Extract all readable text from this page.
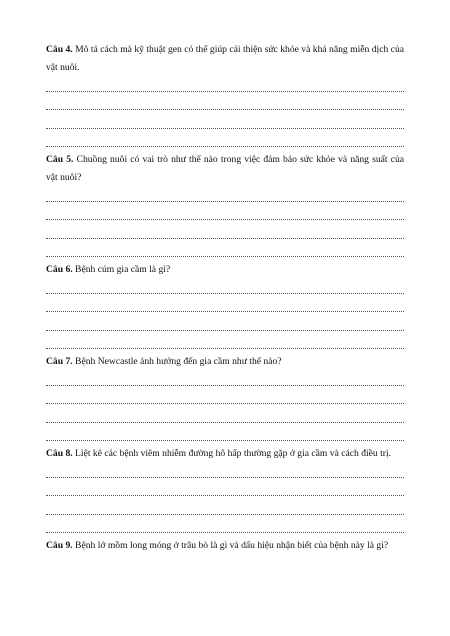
Câu 4. Mô tả cách mà kỹ thuật gen có thể giúp cải thiện sức khỏe và khả năng miễn dịch của vật nuôi.

Câu 5. Chuồng nuôi có vai trò như thế nào trong việc đảm bảo sức khỏe và năng suất của vật nuôi?

Câu 6. Bệnh cúm gia cầm là gì?

Câu 7. Bệnh Newcastle ảnh hưởng đến gia cầm như thế nào?

Câu 8. Liệt kê các bệnh viêm nhiễm đường hô hấp thường gặp ở gia cầm và cách điều trị.

Câu 9. Bệnh lở mồm long móng ở trâu bò là gì và dấu hiệu nhận biết của bệnh này là gì?
